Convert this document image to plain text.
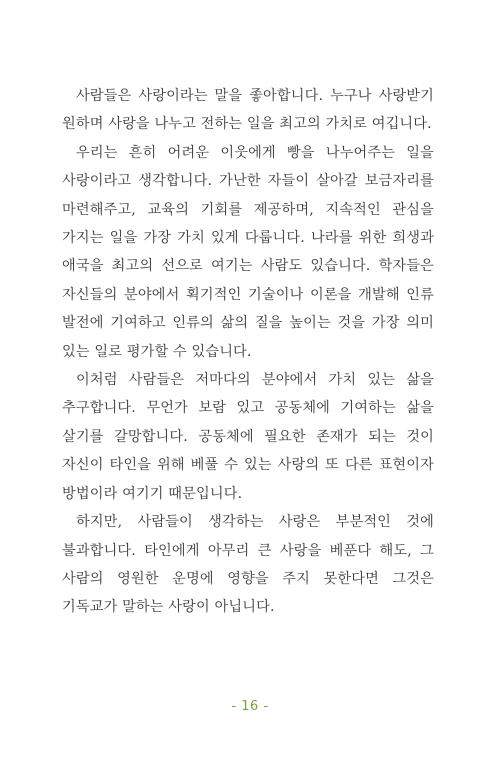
사람들은 사랑이라는 말을 좋아합니다. 누구나 사랑받기 원하며 사랑을 나누고 전하는 일을 최고의 가치로 여깁니다.

우리는 흔히 어려운 이웃에게 빵을 나누어주는 일을 사랑이라고 생각합니다. 가난한 자들이 살아갈 보금자리를 마련해주고, 교육의 기회를 제공하며, 지속적인 관심을 가지는 일을 가장 가치 있게 다룹니다. 나라를 위한 희생과 애국을 최고의 선으로 여기는 사람도 있습니다. 학자들은 자신들의 분야에서 획기적인 기술이나 이론을 개발해 인류 발전에 기여하고 인류의 삶의 질을 높이는 것을 가장 의미 있는 일로 평가할 수 있습니다.

이처럼 사람들은 저마다의 분야에서 가치 있는 삶을 추구합니다. 무언가 보람 있고 공동체에 기여하는 삶을 살기를 갈망합니다. 공동체에 필요한 존재가 되는 것이 자신이 타인을 위해 베풀 수 있는 사랑의 또 다른 표현이자 방법이라 여기기 때문입니다.

하지만, 사람들이 생각하는 사랑은 부분적인 것에 불과합니다. 타인에게 아무리 큰 사랑을 베푼다 해도, 그 사람의 영원한 운명에 영향을 주지 못한다면 그것은 기독교가 말하는 사랑이 아닙니다.

- 16 -
